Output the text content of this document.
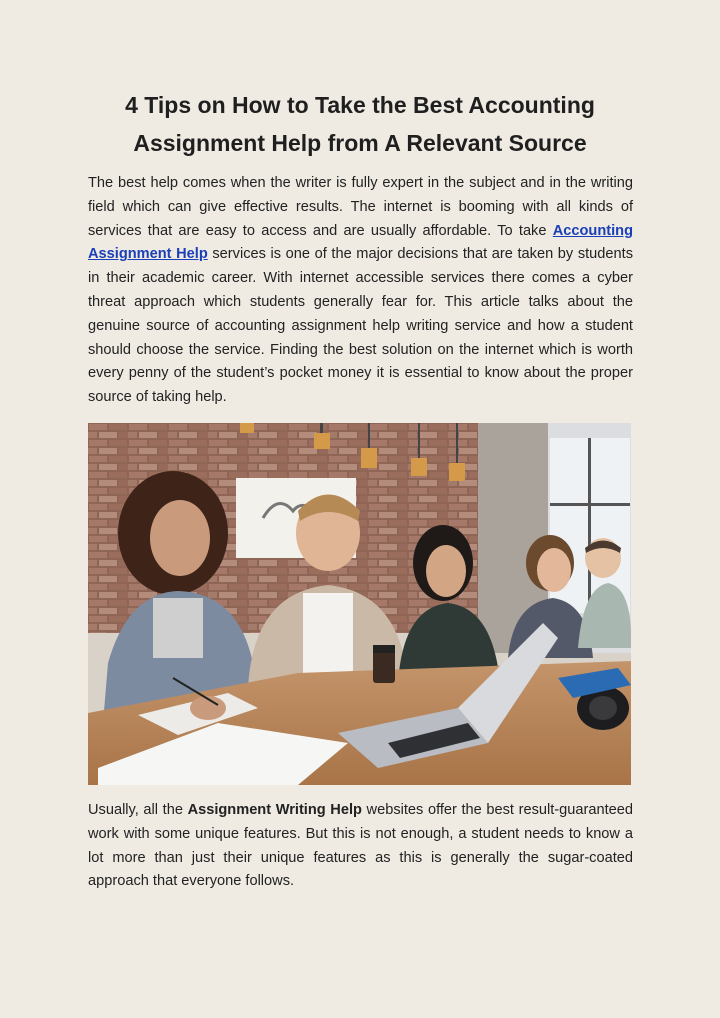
4 Tips on How to Take the Best Accounting
Assignment Help from A Relevant Source
The best help comes when the writer is fully expert in the subject and in the writing field which can give effective results. The internet is booming with all kinds of services that are easy to access and are usually affordable. To take Accounting Assignment Help services is one of the major decisions that are taken by students in their academic career. With internet accessible services there comes a cyber threat approach which students generally fear for. This article talks about the genuine source of accounting assignment help writing service and how a student should choose the service. Finding the best solution on the internet which is worth every penny of the student’s pocket money it is essential to know about the proper source of taking help.
Usually, all the Assignment Writing Help websites offer the best result-guaranteed work with some unique features. But this is not enough, a student needs to know a lot more than just their unique features as this is generally the sugar-coated approach that everyone follows.
